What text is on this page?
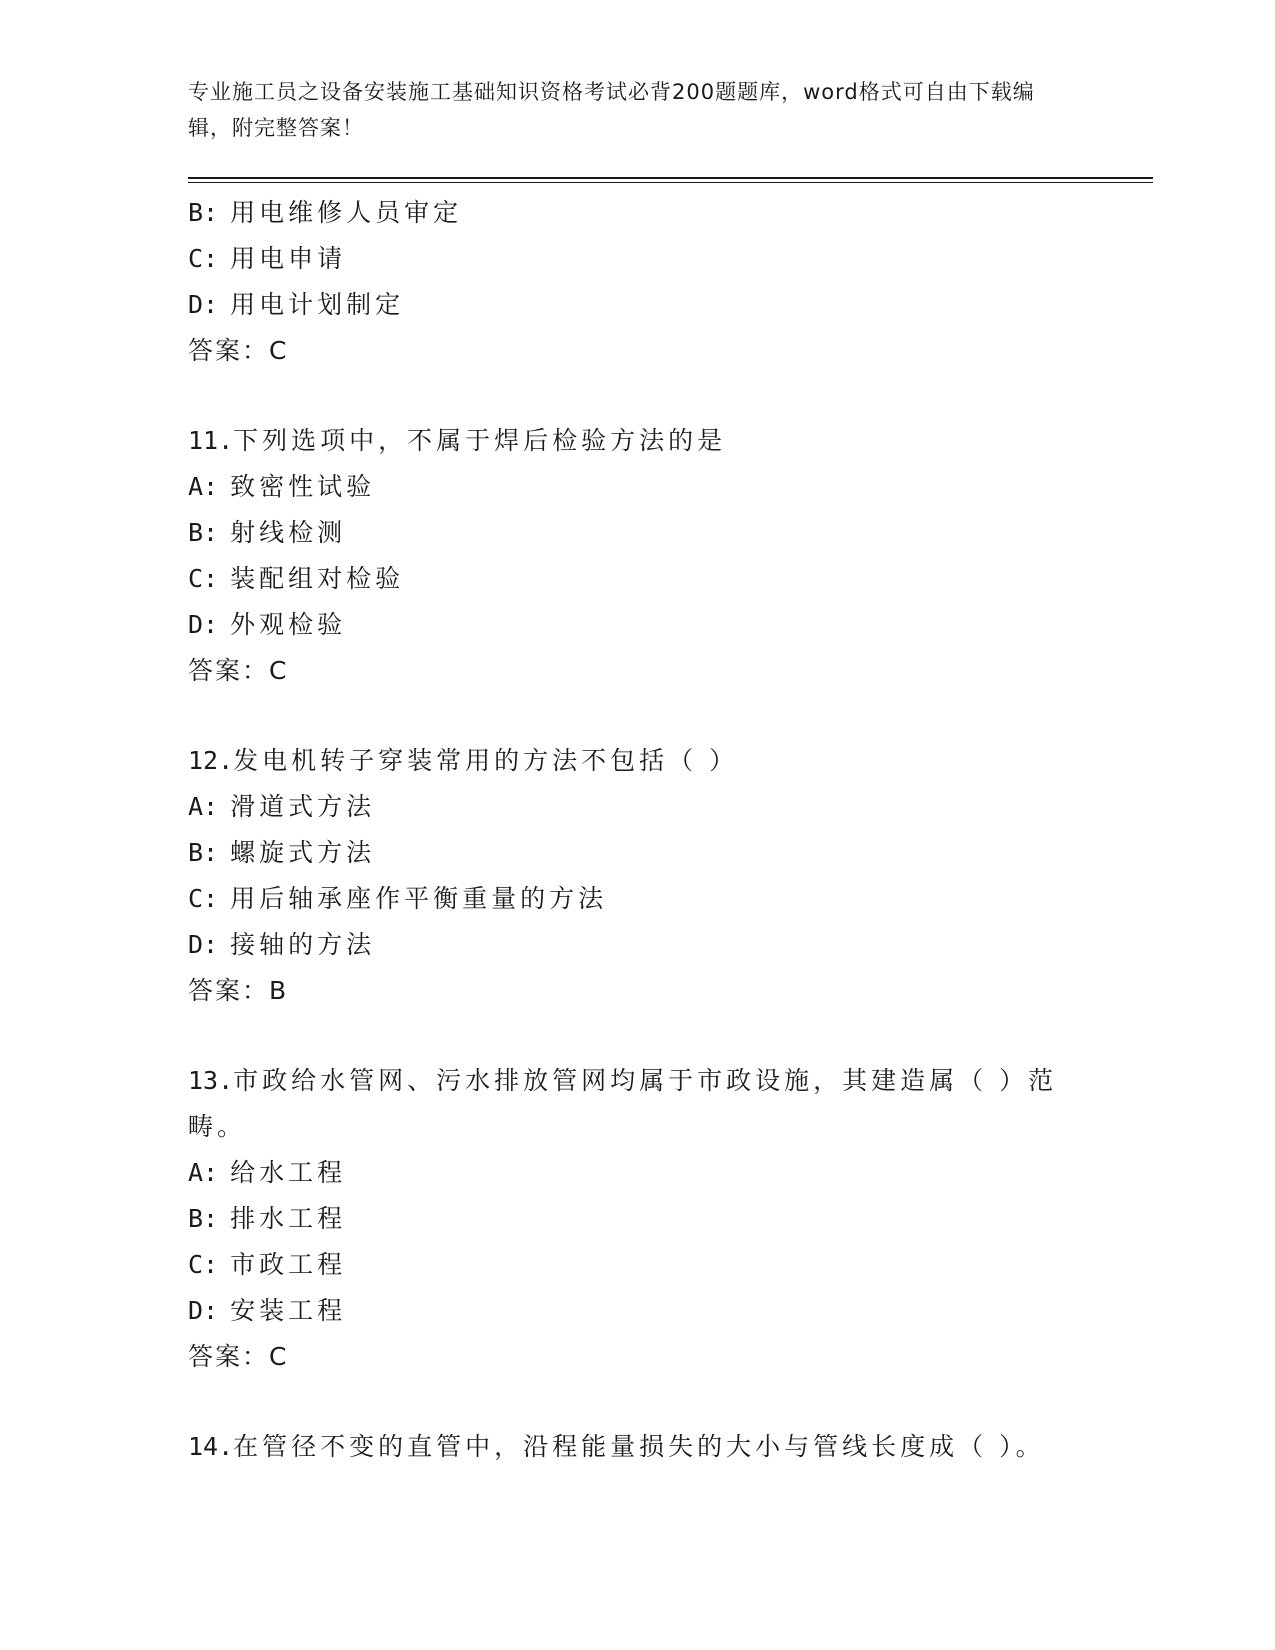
专业施工员之设备安装施工基础知识资格考试必背200题题库，word格式可自由下载编辑，附完整答案！
B: 用电维修人员审定
C: 用电申请
D: 用电计划制定
答案：C
11.下列选项中，不属于焊后检验方法的是
A: 致密性试验
B: 射线检测
C: 装配组对检验
D: 外观检验
答案：C
12.发电机转子穿装常用的方法不包括（ ）
A: 滑道式方法
B: 螺旋式方法
C: 用后轴承座作平衡重量的方法
D: 接轴的方法
答案：B
13.市政给水管网、污水排放管网均属于市政设施，其建造属（ ）范畴。
A: 给水工程
B: 排水工程
C: 市政工程
D: 安装工程
答案：C
14.在管径不变的直管中，沿程能量损失的大小与管线长度成（ ）。
